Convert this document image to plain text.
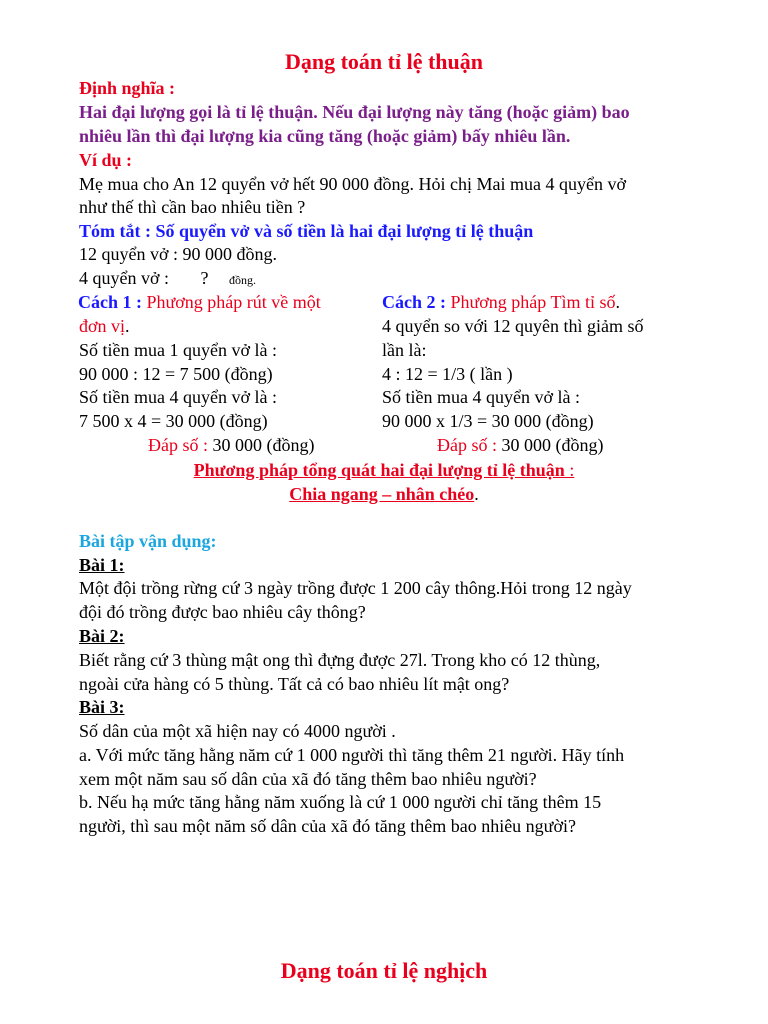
Dạng toán tỉ lệ thuận
Định nghĩa :
Hai đại lượng gọi là tỉ lệ thuận. Nếu đại lượng này tăng (hoặc giảm) bao
nhiêu lần thì đại lượng kia cũng tăng (hoặc giảm) bấy nhiêu lần.
Ví dụ :
Mẹ mua cho An 12 quyển vở hết 90 000 đồng. Hỏi chị Mai mua 4 quyển vở
như thế thì cần bao nhiêu tiền ?
Tóm tắt : Số quyển vở và số tiền là hai đại lượng tỉ lệ thuận
12 quyển vở : 90 000 đồng.
4 quyển vở :       ? đồng.
Cách 1 : Phương pháp rút về một
đơn vị.
Số tiền mua 1 quyển vở là :
90 000 : 12 = 7 500 (đồng)
Số tiền mua 4 quyển vở là :
7 500 x 4 = 30 000 (đồng)
Đáp số : 30 000 (đồng)
Cách 2 : Phương pháp Tìm tỉ số.
4 quyển so với 12 quyên thì giảm số
lần là:
4 : 12 = 1/3 ( lần )
Số tiền mua 4 quyển vở là :
90 000 x 1/3 = 30 000 (đồng)
Đáp số : 30 000 (đồng)
Phương pháp tổng quát hai đại lượng tỉ lệ thuận :
Chia ngang – nhân chéo.
Bài tập vận dụng:
Bài 1:
Một đội trồng rừng cứ 3 ngày trồng được 1 200 cây thông.Hỏi trong 12 ngày
đội đó trồng được bao nhiêu cây thông?
Bài 2:
Biết rằng cứ 3 thùng mật ong thì đựng được 27l. Trong kho có 12 thùng,
ngoài cửa hàng có 5 thùng. Tất cả có bao nhiêu lít mật ong?
Bài 3:
Số dân của một xã hiện nay có 4000 người .
a. Với mức tăng hằng năm cứ 1 000 người thì tăng thêm 21 người. Hãy tính
xem một năm sau số dân của xã đó tăng thêm bao nhiêu người?
b. Nếu hạ mức tăng hằng năm xuống là cứ 1 000 người chỉ tăng thêm 15
người, thì sau một năm số dân của xã đó tăng thêm bao nhiêu người?
Dạng toán tỉ lệ nghịch
